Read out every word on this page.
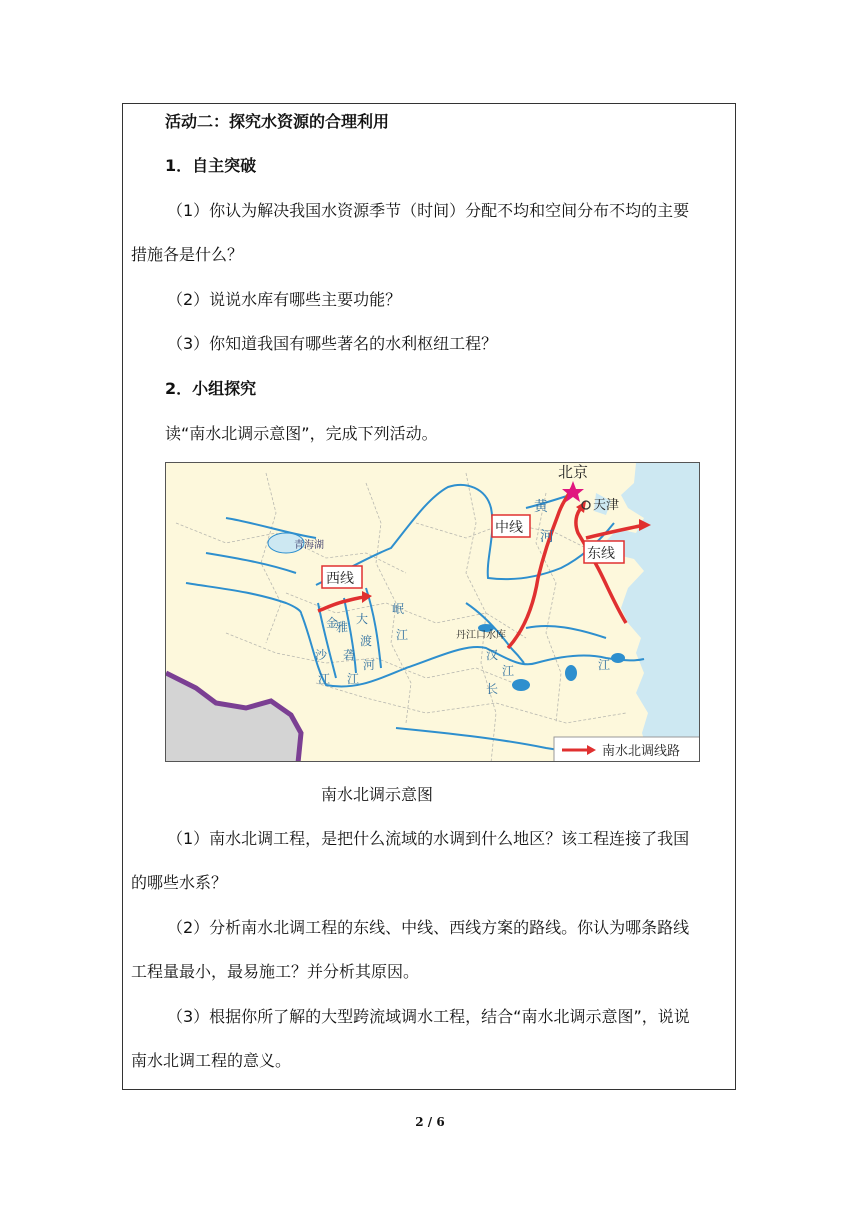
活动二：探究水资源的合理利用
1．自主突破
（1）你认为解决我国水资源季节（时间）分配不均和空间分布不均的主要
措施各是什么？
（2）说说水库有哪些主要功能？
（3）你知道我国有哪些著名的水利枢纽工程？
2．小组探究
读“南水北调示意图”，完成下列活动。
北京
天津
青海湖
黄
河
西线
中线
东线
丹江口水库
金
沙
江
雅
砻
江
大
渡
河
岷
江
汉
江
长
江
南水北调线路
南水北调示意图
（1）南水北调工程，是把什么流域的水调到什么地区？该工程连接了我国
的哪些水系？
（2）分析南水北调工程的东线、中线、西线方案的路线。你认为哪条路线
工程量最小，最易施工？并分析其原因。
（3）根据你所了解的大型跨流域调水工程，结合“南水北调示意图”，说说
南水北调工程的意义。
2 / 6
